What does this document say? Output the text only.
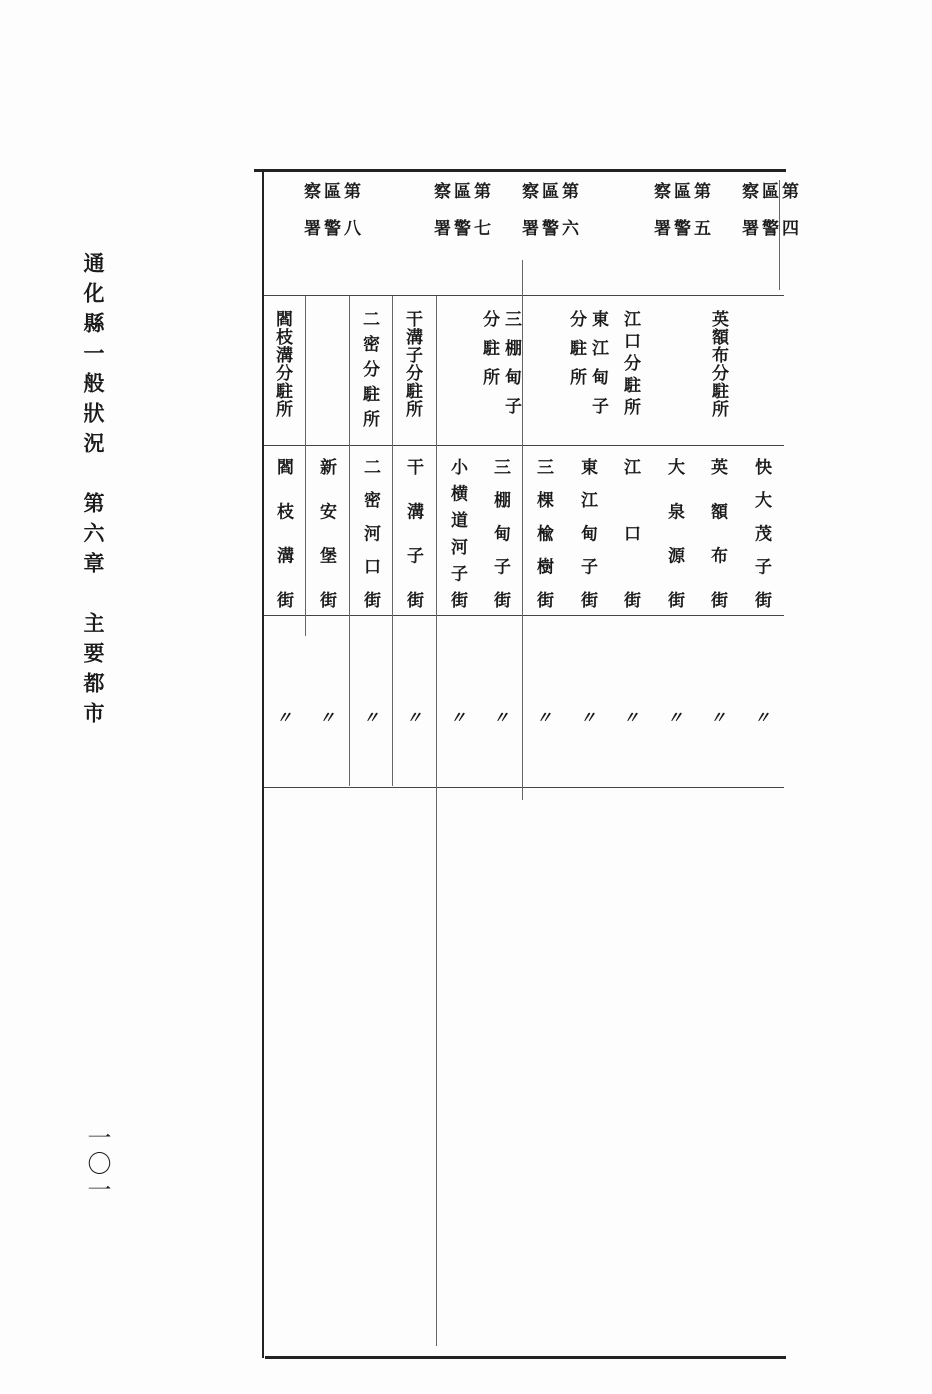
通化縣一般狀況　第六章　主要都市
一〇一
第八區警察署	第七區警察署	第六區警察署	第五區警察署	第四區警察署
閻枝溝分駐所	二密分駐所 干溝子分駐所	三棚甸子分駐所	東江甸子分駐所	江口分駐所	英額布分駐所
閻枝溝街 新安堡街 二密河口街 干溝子街 小横道河子街 三棚甸子街 三棵楡樹街 東江甸子街 江口街 大泉源街 英額布街 快大茂子街
〃 〃 〃 〃 〃 〃 〃 〃 〃 〃 〃 〃
